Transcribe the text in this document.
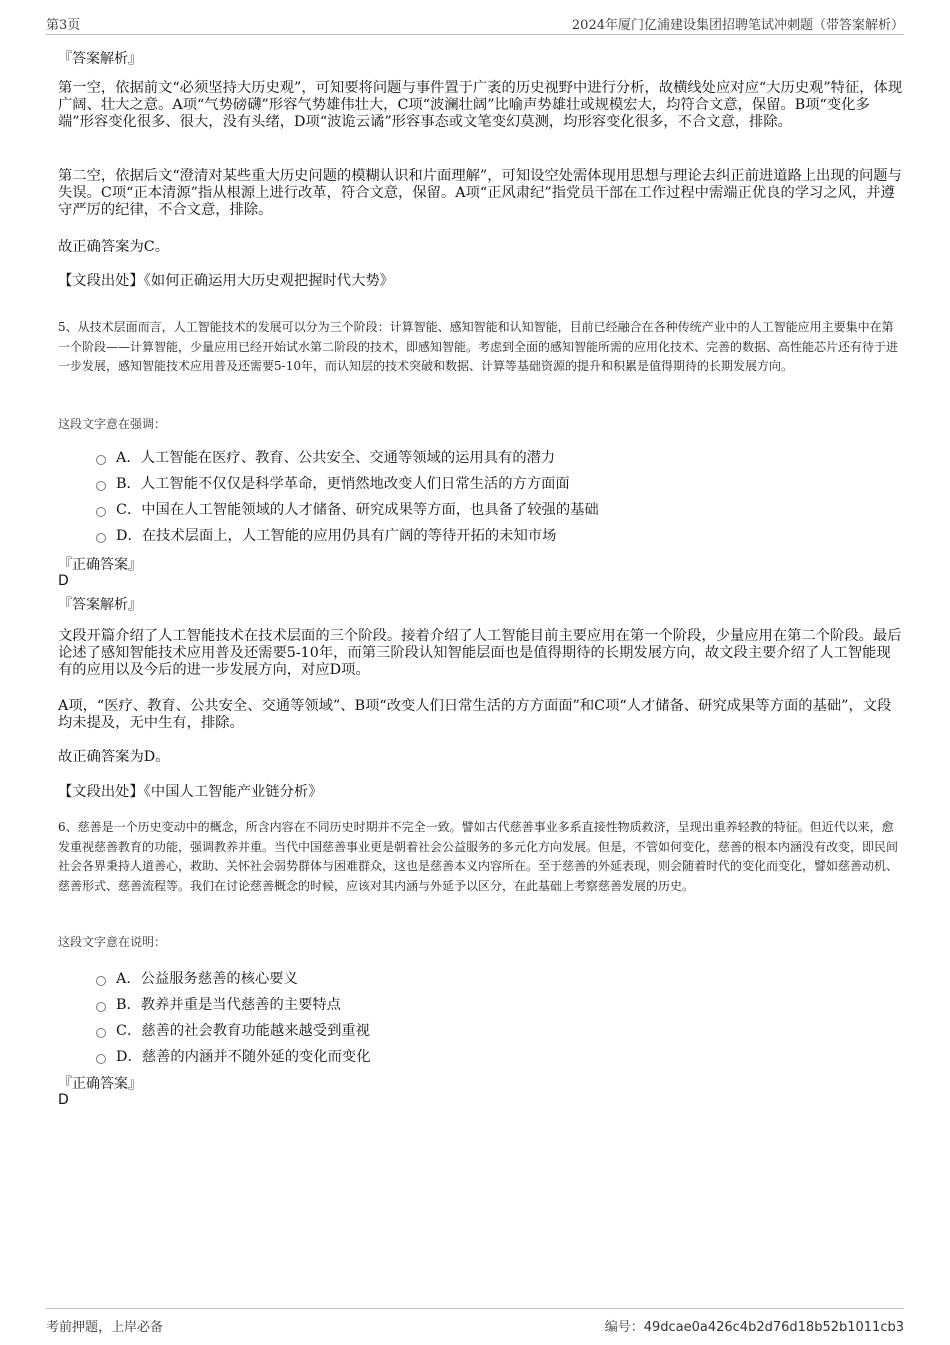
第3页	2024年厦门亿浦建设集团招聘笔试冲刺题（带答案解析）
『答案解析』
第一空，依据前文“必须坚持大历史观”，可知要将问题与事件置于广袤的历史视野中进行分析，故横线处应对应“大历史观”特征，体现广阔、壮大之意。A项“气势磅礴”形容气势雄伟壮大，C项“波澜壮阔”比喻声势雄壮或规模宏大，均符合文意，保留。B项“变化多端”形容变化很多、很大，没有头绪，D项“波诡云谲”形容事态或文笔变幻莫测，均形容变化很多，不合文意，排除。
第二空，依据后文“澄清对某些重大历史问题的模糊认识和片面理解”，可知设空处需体现用思想与理论去纠正前进道路上出现的问题与失误。C项“正本清源”指从根源上进行改革，符合文意，保留。A项“正风肃纪”指党员干部在工作过程中需端正优良的学习之风，并遵守严厉的纪律，不合文意，排除。
故正确答案为C。
【文段出处】《如何正确运用大历史观把握时代大势》
5、从技术层面而言，人工智能技术的发展可以分为三个阶段：计算智能、感知智能和认知智能，目前已经融合在各种传统产业中的人工智能应用主要集中在第一个阶段——计算智能，少量应用已经开始试水第二阶段的技术，即感知智能。考虑到全面的感知智能所需的应用化技术、完善的数据、高性能芯片还有待于进一步发展，感知智能技术应用普及还需要5-10年，而认知层的技术突破和数据、计算等基础资源的提升和积累是值得期待的长期发展方向。
这段文字意在强调：
A．人工智能在医疗、教育、公共安全、交通等领域的运用具有的潜力
B．人工智能不仅仅是科学革命，更悄然地改变人们日常生活的方方面面
C．中国在人工智能领域的人才储备、研究成果等方面，也具备了较强的基础
D．在技术层面上，人工智能的应用仍具有广阔的等待开拓的未知市场
『正确答案』
D
『答案解析』
文段开篇介绍了人工智能技术在技术层面的三个阶段。接着介绍了人工智能目前主要应用在第一个阶段，少量应用在第二个阶段。最后论述了感知智能技术应用普及还需要5-10年，而第三阶段认知智能层面也是值得期待的长期发展方向，故文段主要介绍了人工智能现有的应用以及今后的进一步发展方向，对应D项。
A项，“医疗、教育、公共安全、交通等领域”、B项“改变人们日常生活的方方面面”和C项“人才储备、研究成果等方面的基础”，文段均未提及，无中生有，排除。
故正确答案为D。
【文段出处】《中国人工智能产业链分析》
6、慈善是一个历史变动中的概念，所含内容在不同历史时期并不完全一致。譬如古代慈善事业多系直接性物质救济，呈现出重养轻教的特征。但近代以来，愈发重视慈善教育的功能，强调教养并重。当代中国慈善事业更是朝着社会公益服务的多元化方向发展。但是，不管如何变化，慈善的根本内涵没有改变，即民间社会各界秉持人道善心，救助、关怀社会弱势群体与困难群众，这也是慈善本义内容所在。至于慈善的外延表现，则会随着时代的变化而变化，譬如慈善动机、慈善形式、慈善流程等。我们在讨论慈善概念的时候，应该对其内涵与外延予以区分，在此基础上考察慈善发展的历史。
这段文字意在说明：
A．公益服务慈善的核心要义
B．教养并重是当代慈善的主要特点
C．慈善的社会教育功能越来越受到重视
D．慈善的内涵并不随外延的变化而变化
『正确答案』
D
考前押题，上岸必备	编号：49dcae0a426c4b2d76d18b52b1011cb3
